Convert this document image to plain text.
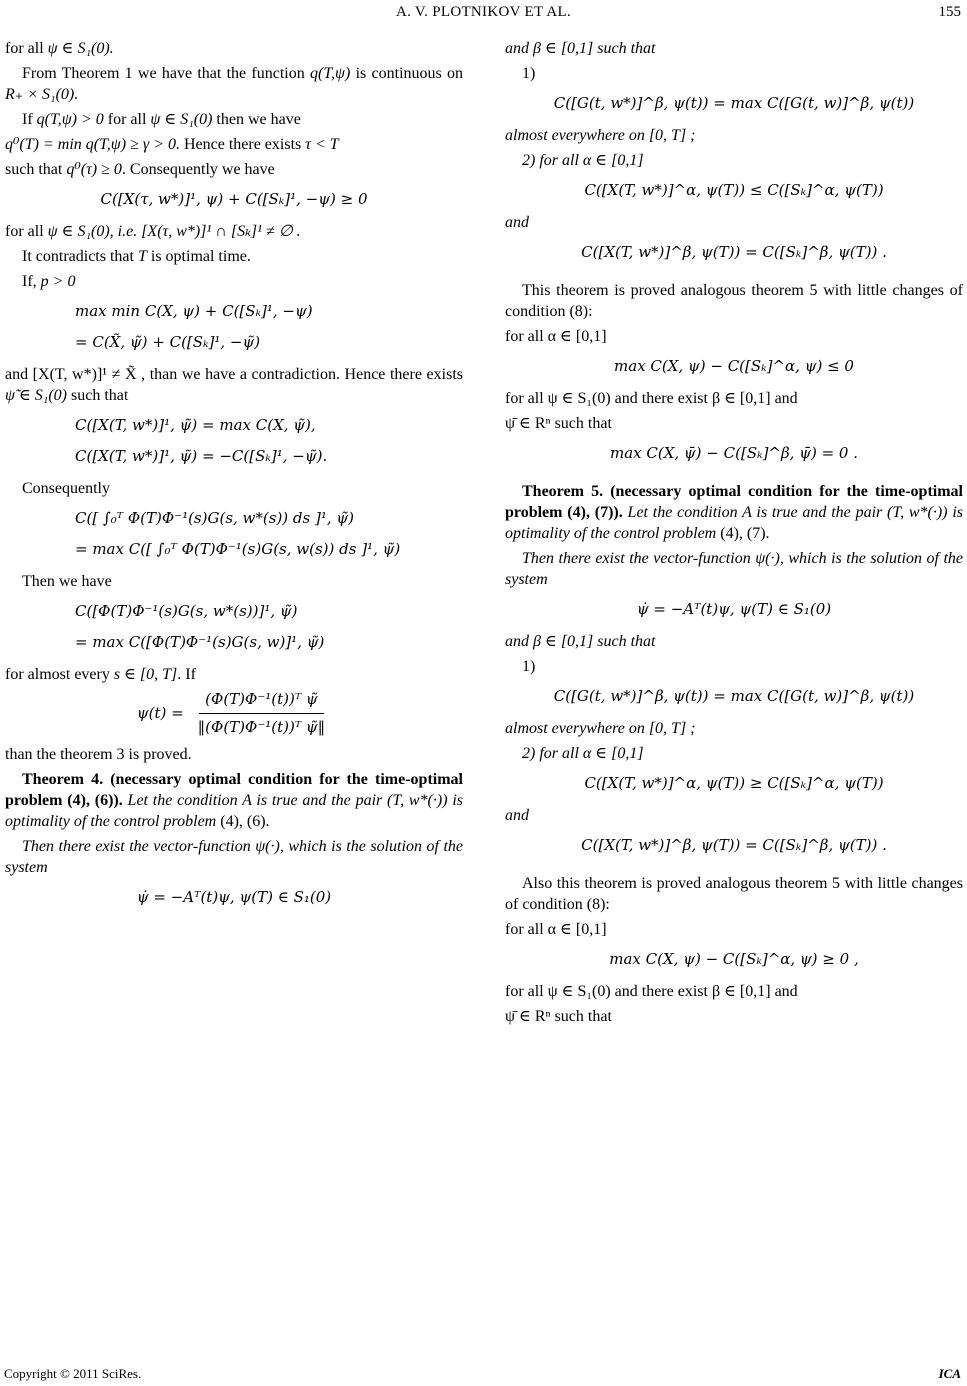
A. V. PLOTNIKOV ET AL.	155

for all ψ ∈ S₁(0).

From Theorem 1 we have that the function q(T,ψ) is continuous on R₊ × S₁(0).

If q(T,ψ) > 0 for all ψ ∈ S₁(0) then we have

q⁰(T) = min q(T,ψ) ≥ γ > 0. Hence there exists τ < T

such that q⁰(τ) ≥ 0. Consequently we have

C([X(τ, w*)]¹, ψ) + C([Sₖ]¹, −ψ) ≥ 0

for all ψ ∈ S₁(0), i.e. [X(τ, w*)]¹ ∩ [Sₖ]¹ ≠ ∅ .

It contradicts that T is optimal time.

If, p > 0

max min C(X, ψ) + C([Sₖ]¹, −ψ)
= C(X̃, ψ̃) + C([Sₖ]¹, −ψ̃)

and [X(T, w*)]¹ ≠ X̃ , than we have a contradiction. Hence there exists ψ̃ ∈ S₁(0) such that

C([X(T, w*)]¹, ψ̃) = max C(X, ψ̃),
C([X(T, w*)]¹, ψ̃) = −C([Sₖ]¹, −ψ̃).

Consequently

C([ ∫₀ᵀ Φ(T)Φ⁻¹(s)G(s, w*(s)) ds ]¹, ψ̃)
= max C([ ∫₀ᵀ Φ(T)Φ⁻¹(s)G(s, w(s)) ds ]¹, ψ̃)

Then we have

C([Φ(T)Φ⁻¹(s)G(s, w*(s))]¹, ψ̃)
= max C([Φ(T)Φ⁻¹(s)G(s, w)]¹, ψ̃)

for almost every s ∈ [0, T]. If

$\psi(t) = \frac{\text{(Φ(T)Φ⁻¹(t))ᵀ ψ̃}}{\text{‖(Φ(T)Φ⁻¹(t))ᵀ ψ̃‖}}$

than the theorem 3 is proved.

Theorem 4. (necessary optimal condition for the time-optimal problem (4), (6)). Let the condition A is true and the pair (T, w*(·)) is optimality of the control problem (4), (6).

Then there exist the vector-function ψ(·), which is the solution of the system

ψ̇ = −Aᵀ(t)ψ, ψ(T) ∈ S₁(0)

and β ∈ [0,1] such that

1)

C([G(t, w*)]^β, ψ(t)) = max C([G(t, w)]^β, ψ(t))

almost everywhere on [0, T] ;

2) for all α ∈ [0,1]

C([X(T, w*)]^α, ψ(T)) ≤ C([Sₖ]^α, ψ(T))

and

C([X(T, w*)]^β, ψ(T)) = C([Sₖ]^β, ψ(T)) .

This theorem is proved analogous theorem 5 with little changes of condition (8):

for all α ∈ [0,1]

max C(X, ψ) − C([Sₖ]^α, ψ) ≤ 0

for all ψ ∈ S₁(0) and there exist β ∈ [0,1] and

ψ̄ ∈ Rⁿ such that

max C(X, ψ̄) − C([Sₖ]^β, ψ̄) = 0 .

Theorem 5. (necessary optimal condition for the time-optimal problem (4), (7)). Let the condition A is true and the pair (T, w*(·)) is optimality of the control problem (4), (7).

Then there exist the vector-function ψ(·), which is the solution of the system

ψ̇ = −Aᵀ(t)ψ, ψ(T) ∈ S₁(0)

and β ∈ [0,1] such that

1)

C([G(t, w*)]^β, ψ(t)) = max C([G(t, w)]^β, ψ(t))

almost everywhere on [0, T] ;

2) for all α ∈ [0,1]

C([X(T, w*)]^α, ψ(T)) ≥ C([Sₖ]^α, ψ(T))

and

C([X(T, w*)]^β, ψ(T)) = C([Sₖ]^β, ψ(T)) .

Also this theorem is proved analogous theorem 5 with little changes of condition (8):

for all α ∈ [0,1]

max C(X, ψ) − C([Sₖ]^α, ψ) ≥ 0 ,

for all ψ ∈ S₁(0) and there exist β ∈ [0,1] and

ψ̄ ∈ Rⁿ such that

Copyright © 2011 SciRes.	ICA
